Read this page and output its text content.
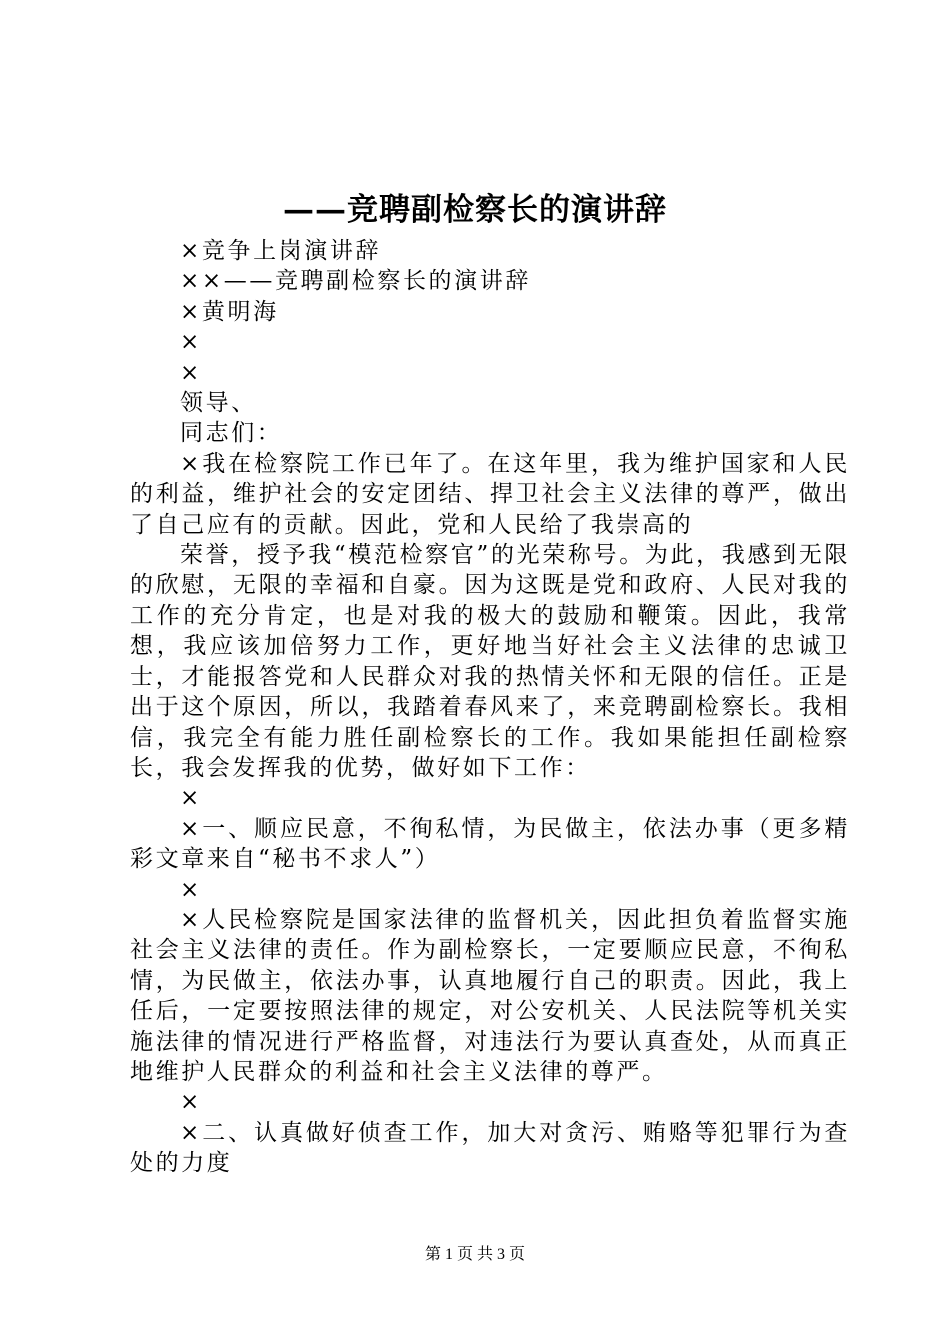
——竞聘副检察长的演讲辞

×竞争上岗演讲辞

××——竞聘副检察长的演讲辞

×黄明海

×

×

领导、

同志们：

×我在检察院工作已年了。在这年里，我为维护国家和人民的利益，维护社会的安定团结、捍卫社会主义法律的尊严，做出了自己应有的贡献。因此，党和人民给了我崇高的

荣誉，授予我“模范检察官”的光荣称号。为此，我感到无限的欣慰，无限的幸福和自豪。因为这既是党和政府、人民对我的工作的充分肯定，也是对我的极大的鼓励和鞭策。因此，我常想，我应该加倍努力工作，更好地当好社会主义法律的忠诚卫士，才能报答党和人民群众对我的热情关怀和无限的信任。正是出于这个原因，所以，我踏着春风来了，来竞聘副检察长。我相信，我完全有能力胜任副检察长的工作。我如果能担任副检察长，我会发挥我的优势，做好如下工作：

×

×一、顺应民意，不徇私情，为民做主，依法办事（更多精彩文章来自“秘书不求人”）

×

×人民检察院是国家法律的监督机关，因此担负着监督实施社会主义法律的责任。作为副检察长，一定要顺应民意，不徇私情，为民做主，依法办事，认真地履行自己的职责。因此，我上任后，一定要按照法律的规定，对公安机关、人民法院等机关实施法律的情况进行严格监督，对违法行为要认真查处，从而真正地维护人民群众的利益和社会主义法律的尊严。

×

×二、认真做好侦查工作，加大对贪污、贿赂等犯罪行为查处的力度

第 1 页 共 3 页
